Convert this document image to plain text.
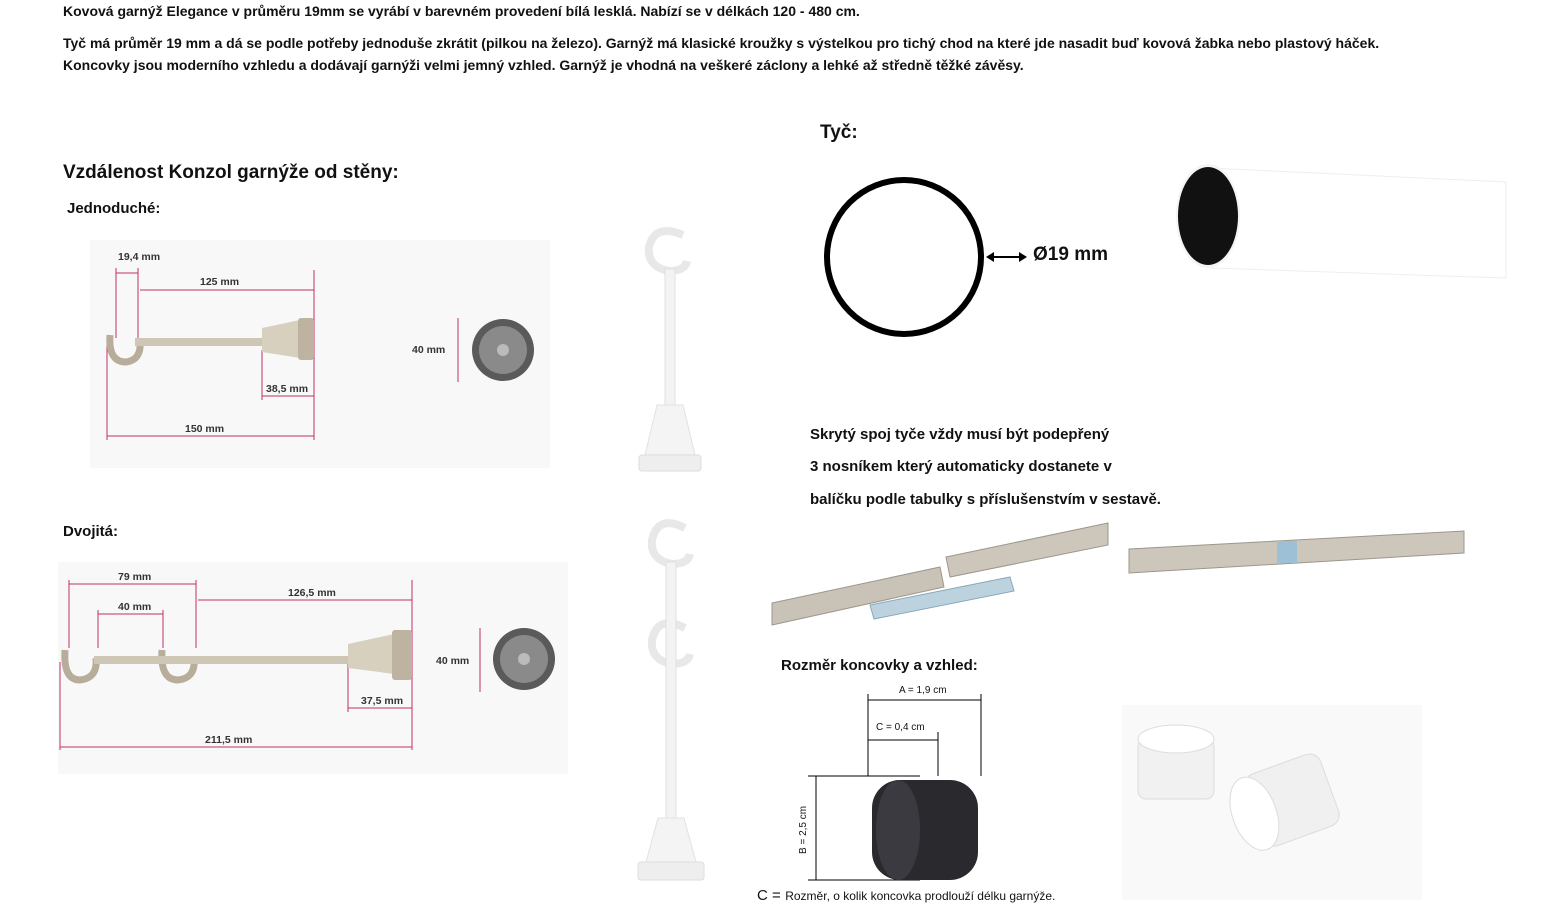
Kovová garnýž Elegance v průměru 19mm se vyrábí v barevném provedení bílá lesklá. Nabízí se v délkách 120 - 480 cm.
Tyč má průměr 19 mm a dá se podle potřeby jednoduše zkrátit (pilkou na železo). Garnýž má klasické kroužky s výstelkou pro tichý chod na které jde nasadit buď kovová žabka nebo plastový háček.
Koncovky jsou moderního vzhledu a dodávají garnýži velmi jemný vzhled. Garnýž je vhodná na veškeré záclony a lehké až středně těžké závěsy.
Vzdálenost Konzol garnýže od stěny:
Jednoduché:
Dvojitá:
19,4 mm
125 mm
38,5 mm
150 mm
40 mm
79 mm
40 mm
126,5 mm
37,5 mm
211,5 mm
40 mm
Tyč:
Ø19 mm
Skrytý spoj tyče vždy musí být podepřený
3 nosníkem který automaticky dostanete v
balíčku podle tabulky s příslušenstvím v sestavě.
Rozměr koncovky a vzhled:
A = 1,9 cm
C = 0,4 cm
B = 2,5 cm
C = Rozměr, o kolik koncovka prodlouží délku garnýže.
